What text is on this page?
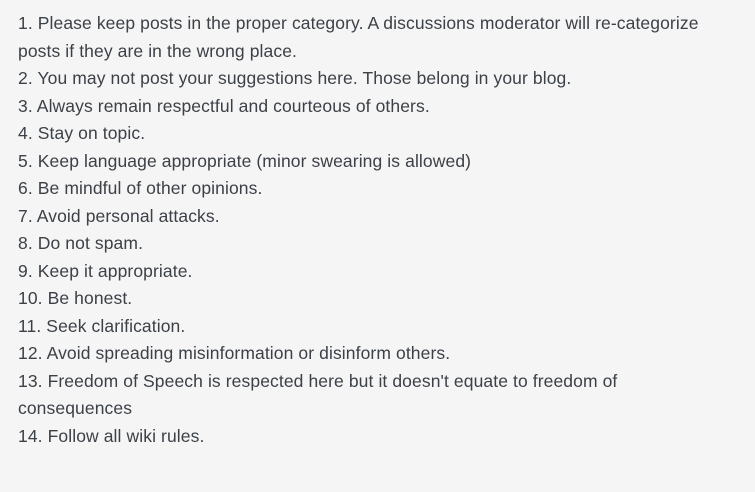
1. Please keep posts in the proper category. A discussions moderator will re-categorize
posts if they are in the wrong place.
2. You may not post your suggestions here. Those belong in your blog.
3. Always remain respectful and courteous of others.
4. Stay on topic.
5. Keep language appropriate (minor swearing is allowed)
6. Be mindful of other opinions.
7. Avoid personal attacks.
8. Do not spam.
9. Keep it appropriate.
10. Be honest.
11. Seek clarification.
12. Avoid spreading misinformation or disinform others.
13. Freedom of Speech is respected here but it doesn't equate to freedom of consequences
14. Follow all wiki rules.
